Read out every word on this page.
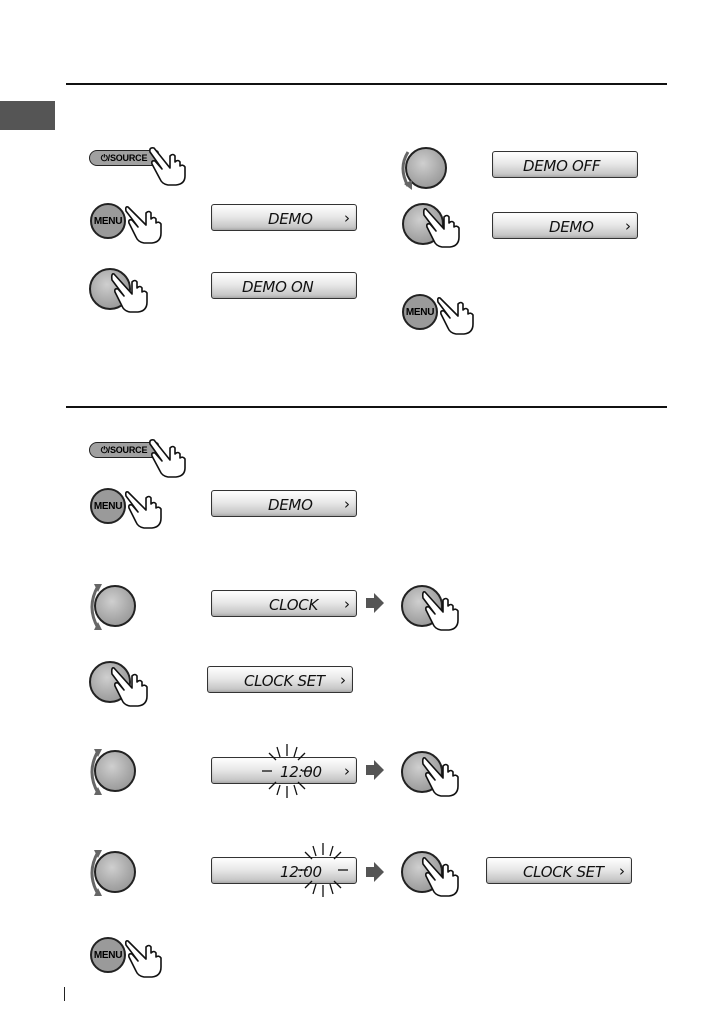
⏻/SOURCE
MENU	DEMO ›
DEMO ON
DEMO OFF
DEMO ›
MENU
⏻/SOURCE
MENU	DEMO ›
CLOCK ›
CLOCK SET ›
12:00 ›
12:00	CLOCK SET ›
MENU
